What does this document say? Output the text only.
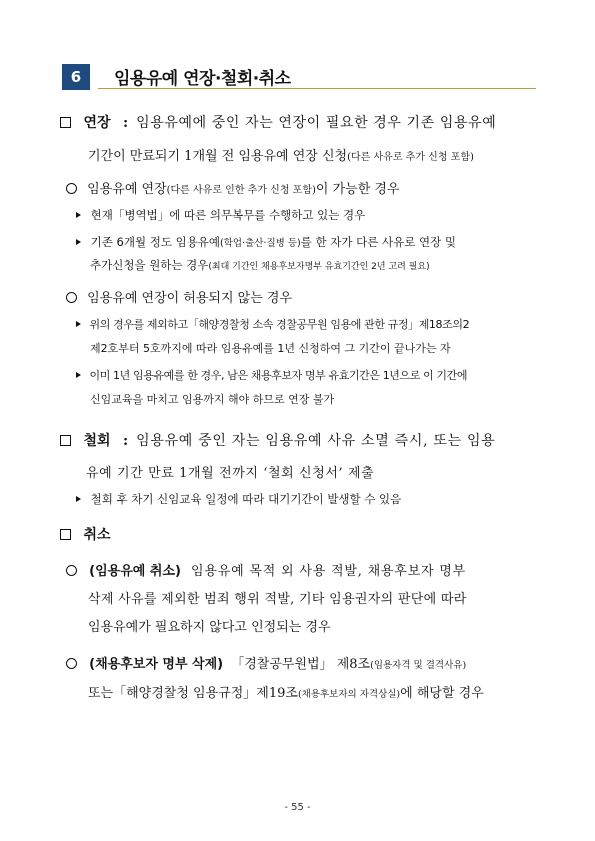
6	임용유예 연장·철회·취소
연장 : 임용유예에 중인 자는 연장이 필요한 경우 기존 임용유예
기간이 만료되기 1개월 전 임용유예 연장 신청(다른 사유로 추가 신청 포함)
임용유예 연장(다른 사유로 인한 추가 신청 포함)이 가능한 경우
현재「병역법」에 따른 의무복무를 수행하고 있는 경우
기존 6개월 정도 임용유예(학업·출산·질병 등)를 한 자가 다른 사유로 연장 및
추가신청을 원하는 경우(최대 기간인 채용후보자명부 유효기간인 2년 고려 필요)
임용유예 연장이 허용되지 않는 경우
위의 경우를 제외하고「해양경찰청 소속 경찰공무원 임용에 관한 규정」제18조의2
제2호부터 5호까지에 따라 임용유예를 1년 신청하여 그 기간이 끝나가는 자
이미 1년 임용유예를 한 경우, 남은 채용후보자 명부 유효기간은 1년으로 이 기간에
신임교육을 마치고 임용까지 해야 하므로 연장 불가
철회 : 임용유예 중인 자는 임용유예 사유 소멸 즉시, 또는 임용
유예 기간 만료 1개월 전까지 ‘철회 신청서’ 제출
철회 후 차기 신임교육 일정에 따라 대기기간이 발생할 수 있음
취소
(임용유예 취소) 임용유예 목적 외 사용 적발, 채용후보자 명부
삭제 사유를 제외한 범죄 행위 적발, 기타 임용권자의 판단에 따라
임용유예가 필요하지 않다고 인정되는 경우
(채용후보자 명부 삭제) 「경찰공무원법」 제8조(임용자격 및 결격사유)
또는「해양경찰청 임용규정」제19조(채용후보자의 자격상실)에 해당할 경우
- 55 -
